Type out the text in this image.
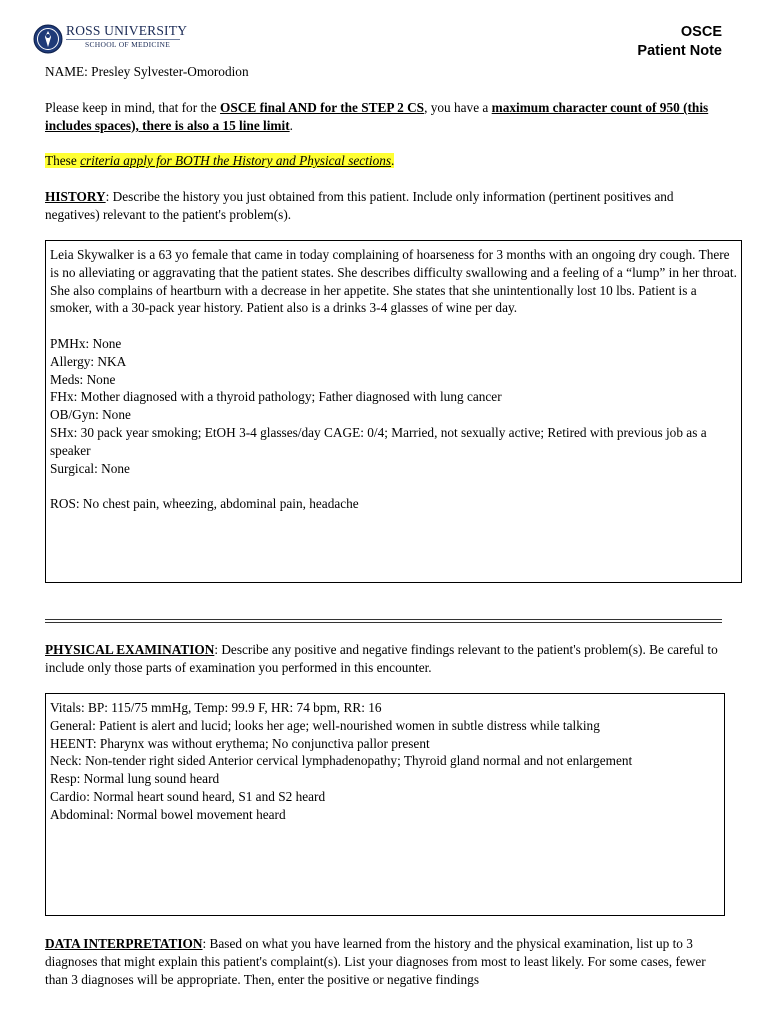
ROSS UNIVERSITY
SCHOOL OF MEDICINE
OSCE
Patient Note
NAME: Presley Sylvester-Omorodion
Please keep in mind, that for the OSCE final AND for the STEP 2 CS, you have a maximum character count of 950 (this includes spaces), there is also a 15 line limit.
These criteria apply for BOTH the History and Physical sections.
HISTORY: Describe the history you just obtained from this patient. Include only information (pertinent positives and negatives) relevant to the patient's problem(s).
Leia Skywalker is a 63 yo female that came in today complaining of hoarseness for 3 months with an ongoing dry cough. There is no alleviating or aggravating that the patient states. She describes difficulty swallowing and a feeling of a “lump” in her throat. She also complains of heartburn with a decrease in her appetite. She states that she unintentionally lost 10 lbs. Patient is a smoker, with a 30-pack year history. Patient also is a drinks 3-4 glasses of wine per day.
PMHx: None
Allergy: NKA
Meds: None
FHx: Mother diagnosed with a thyroid pathology; Father diagnosed with lung cancer
OB/Gyn: None
SHx: 30 pack year smoking; EtOH 3-4 glasses/day CAGE: 0/4; Married, not sexually active; Retired with previous job as a speaker
Surgical: None
ROS: No chest pain, wheezing, abdominal pain, headache
PHYSICAL EXAMINATION: Describe any positive and negative findings relevant to the patient's problem(s). Be careful to include only those parts of examination you performed in this encounter.
Vitals: BP: 115/75 mmHg, Temp: 99.9 F, HR: 74 bpm, RR: 16
General: Patient is alert and lucid; looks her age; well-nourished women in subtle distress while talking
HEENT: Pharynx was without erythema; No conjunctiva pallor present
Neck: Non-tender right sided Anterior cervical lymphadenopathy; Thyroid gland normal and not enlargement
Resp: Normal lung sound heard
Cardio: Normal heart sound heard, S1 and S2 heard
Abdominal: Normal bowel movement heard
DATA INTERPRETATION: Based on what you have learned from the history and the physical examination, list up to 3 diagnoses that might explain this patient's complaint(s). List your diagnoses from most to least likely. For some cases, fewer than 3 diagnoses will be appropriate. Then, enter the positive or negative findings
